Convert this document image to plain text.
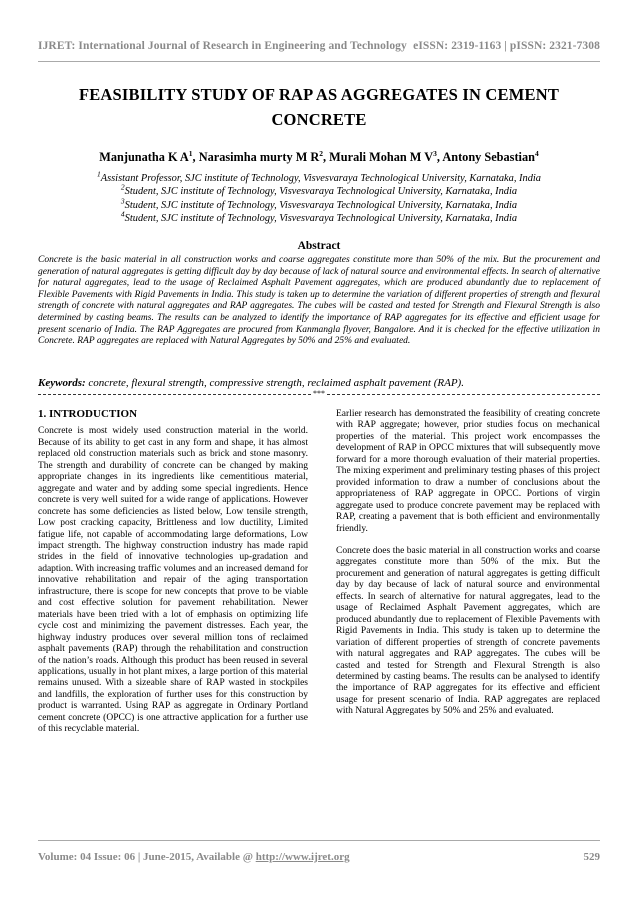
IJRET: International Journal of Research in Engineering and Technology eISSN: 2319-1163 | pISSN: 2321-7308
FEASIBILITY STUDY OF RAP AS AGGREGATES IN CEMENT
CONCRETE
Manjunatha K $A^1$, Narasimha murty M $R^2$, Murali Mohan M $V^3$, Antony Sebastian$^4$
$^1$Assistant Professor, SJC institute of Technology, Visvesvaraya Technological University, Karnataka, India
$^2$Student, SJC institute of Technology, Visvesvaraya Technological University, Karnataka, India
$^3$Student, SJC institute of Technology, Visvesvaraya Technological University, Karnataka, India
$^4$Student, SJC institute of Technology, Visvesvaraya Technological University, Karnataka, India
Abstract
Concrete is the basic material in all construction works and coarse aggregates constitute more than 50% of the mix. But the procurement and generation of natural aggregates is getting difficult day by day because of lack of natural source and environmental effects. In search of alternative for natural aggregates, lead to the usage of Reclaimed Asphalt Pavement aggregates, which are produced abundantly due to replacement of Flexible Pavements with Rigid Pavements in India. This study is taken up to determine the variation of different properties of strength and flexural strength of concrete with natural aggregates and RAP aggregates. The cubes will be casted and tested for Strength and Flexural Strength is also determined by casting beams. The results can be analyzed to identify the importance of RAP aggregates for its effective and efficient usage for present scenario of India. The RAP Aggregates are procured from Kanmangla flyover, Bangalore. And it is checked for the effective utilization in Concrete. RAP aggregates are replaced with Natural Aggregates by 50% and 25% and evaluated.
Keywords: concrete, flexural strength, compressive strength, reclaimed asphalt pavement (RAP).
***
1. INTRODUCTION

Concrete is most widely used construction material in the world. Because of its ability to get cast in any form and shape, it has almost replaced old construction materials such as brick and stone masonry. The strength and durability of concrete can be changed by making appropriate changes in its ingredients like cementitious material, aggregate and water and by adding some special ingredients. Hence concrete is very well suited for a wide range of applications. However concrete has some deficiencies as listed below, Low tensile strength, Low post cracking capacity, Brittleness and low ductility, Limited fatigue life, not capable of accommodating large deformations, Low impact strength. The highway construction industry has made rapid strides in the field of innovative technologies up-gradation and adaption. With increasing traffic volumes and an increased demand for innovative rehabilitation and repair of the aging transportation infrastructure, there is scope for new concepts that prove to be viable and cost effective solution for pavement rehabilitation. Newer materials have been tried with a lot of emphasis on optimizing life cycle cost and minimizing the pavement distresses. Each year, the highway industry produces over several million tons of reclaimed asphalt pavements (RAP) through the rehabilitation and construction of the nation’s roads. Although this product has been reused in several applications, usually in hot plant mixes, a large portion of this material remains unused. With a sizeable share of RAP wasted in stockpiles and landfills, the exploration of further uses for this construction by product is warranted. Using RAP as aggregate in Ordinary Portland cement concrete (OPCC) is one attractive application for a further use of this recyclable material.

Earlier research has demonstrated the feasibility of creating concrete with RAP aggregate; however, prior studies focus on mechanical properties of the material. This project work encompasses the development of RAP in OPCC mixtures that will subsequently move forward for a more thorough evaluation of their material properties. The mixing experiment and preliminary testing phases of this project provided information to draw a number of conclusions about the appropriateness of RAP aggregate in OPCC. Portions of virgin aggregate used to produce concrete pavement may be replaced with RAP, creating a pavement that is both efficient and environmentally friendly.

Concrete does the basic material in all construction works and coarse aggregates constitute more than 50% of the mix. But the procurement and generation of natural aggregates is getting difficult day by day because of lack of natural source and environmental effects. In search of alternative for natural aggregates, lead to the usage of Reclaimed Asphalt Pavement aggregates, which are produced abundantly due to replacement of Flexible Pavements with Rigid Pavements in India. This study is taken up to determine the variation of different properties of strength of concrete pavements with natural aggregates and RAP aggregates. The cubes will be casted and tested for Strength and Flexural Strength is also determined by casting beams. The results can be analysed to identify the importance of RAP aggregates for its effective and efficient usage for present scenario of India. RAP aggregates are replaced with Natural Aggregates by 50% and 25% and evaluated.

Volume: 04 Issue: 06 | June-2015, Available @ http://www.ijret.org	529
